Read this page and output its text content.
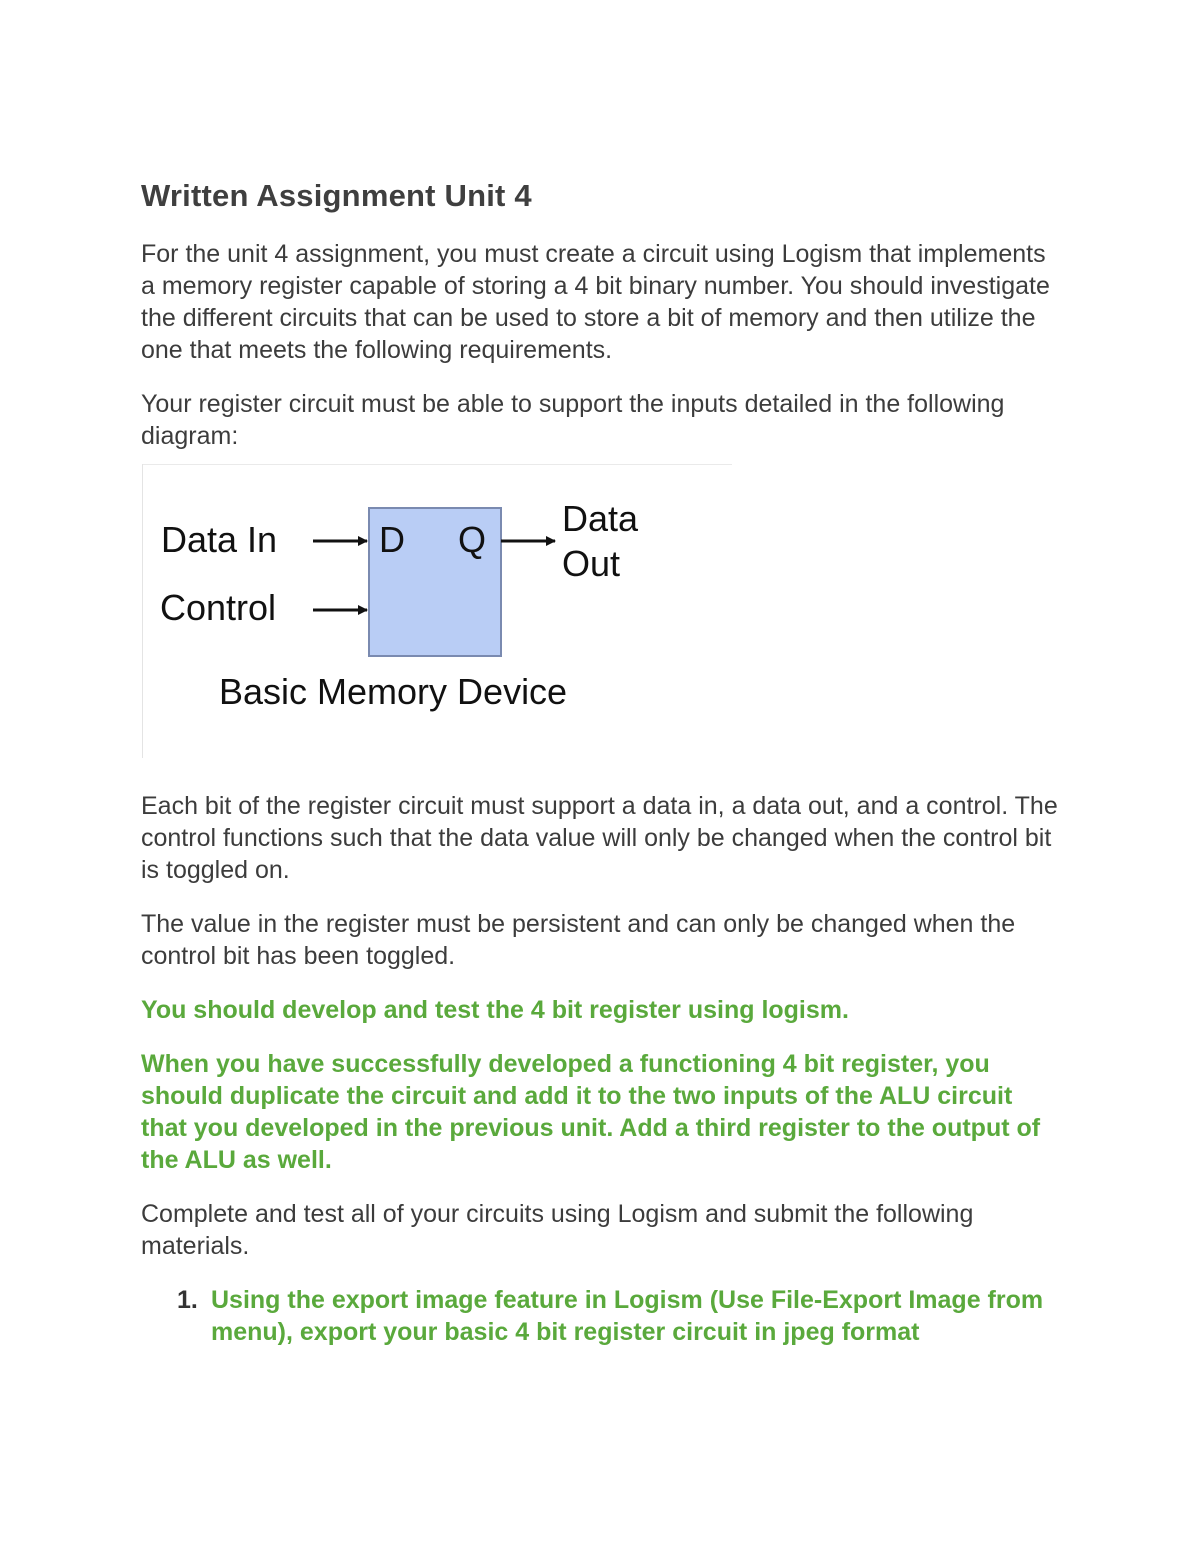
Written Assignment Unit 4

For the unit 4 assignment, you must create a circuit using Logism that implements a memory register capable of storing a 4 bit binary number. You should investigate the different circuits that can be used to store a bit of memory and then utilize the one that meets the following requirements.

Your register circuit must be able to support the inputs detailed in the following diagram:

Data In
Control
D Q
Data
Out
Basic Memory Device

Each bit of the register circuit must support a data in, a data out, and a control. The control functions such that the data value will only be changed when the control bit is toggled on.

The value in the register must be persistent and can only be changed when the control bit has been toggled.

You should develop and test the 4 bit register using logism.

When you have successfully developed a functioning 4 bit register, you should duplicate the circuit and add it to the two inputs of the ALU circuit that you developed in the previous unit. Add a third register to the output of the ALU as well.

Complete and test all of your circuits using Logism and submit the following materials.

1. Using the export image feature in Logism (Use File-Export Image from menu), export your basic 4 bit register circuit in jpeg format
